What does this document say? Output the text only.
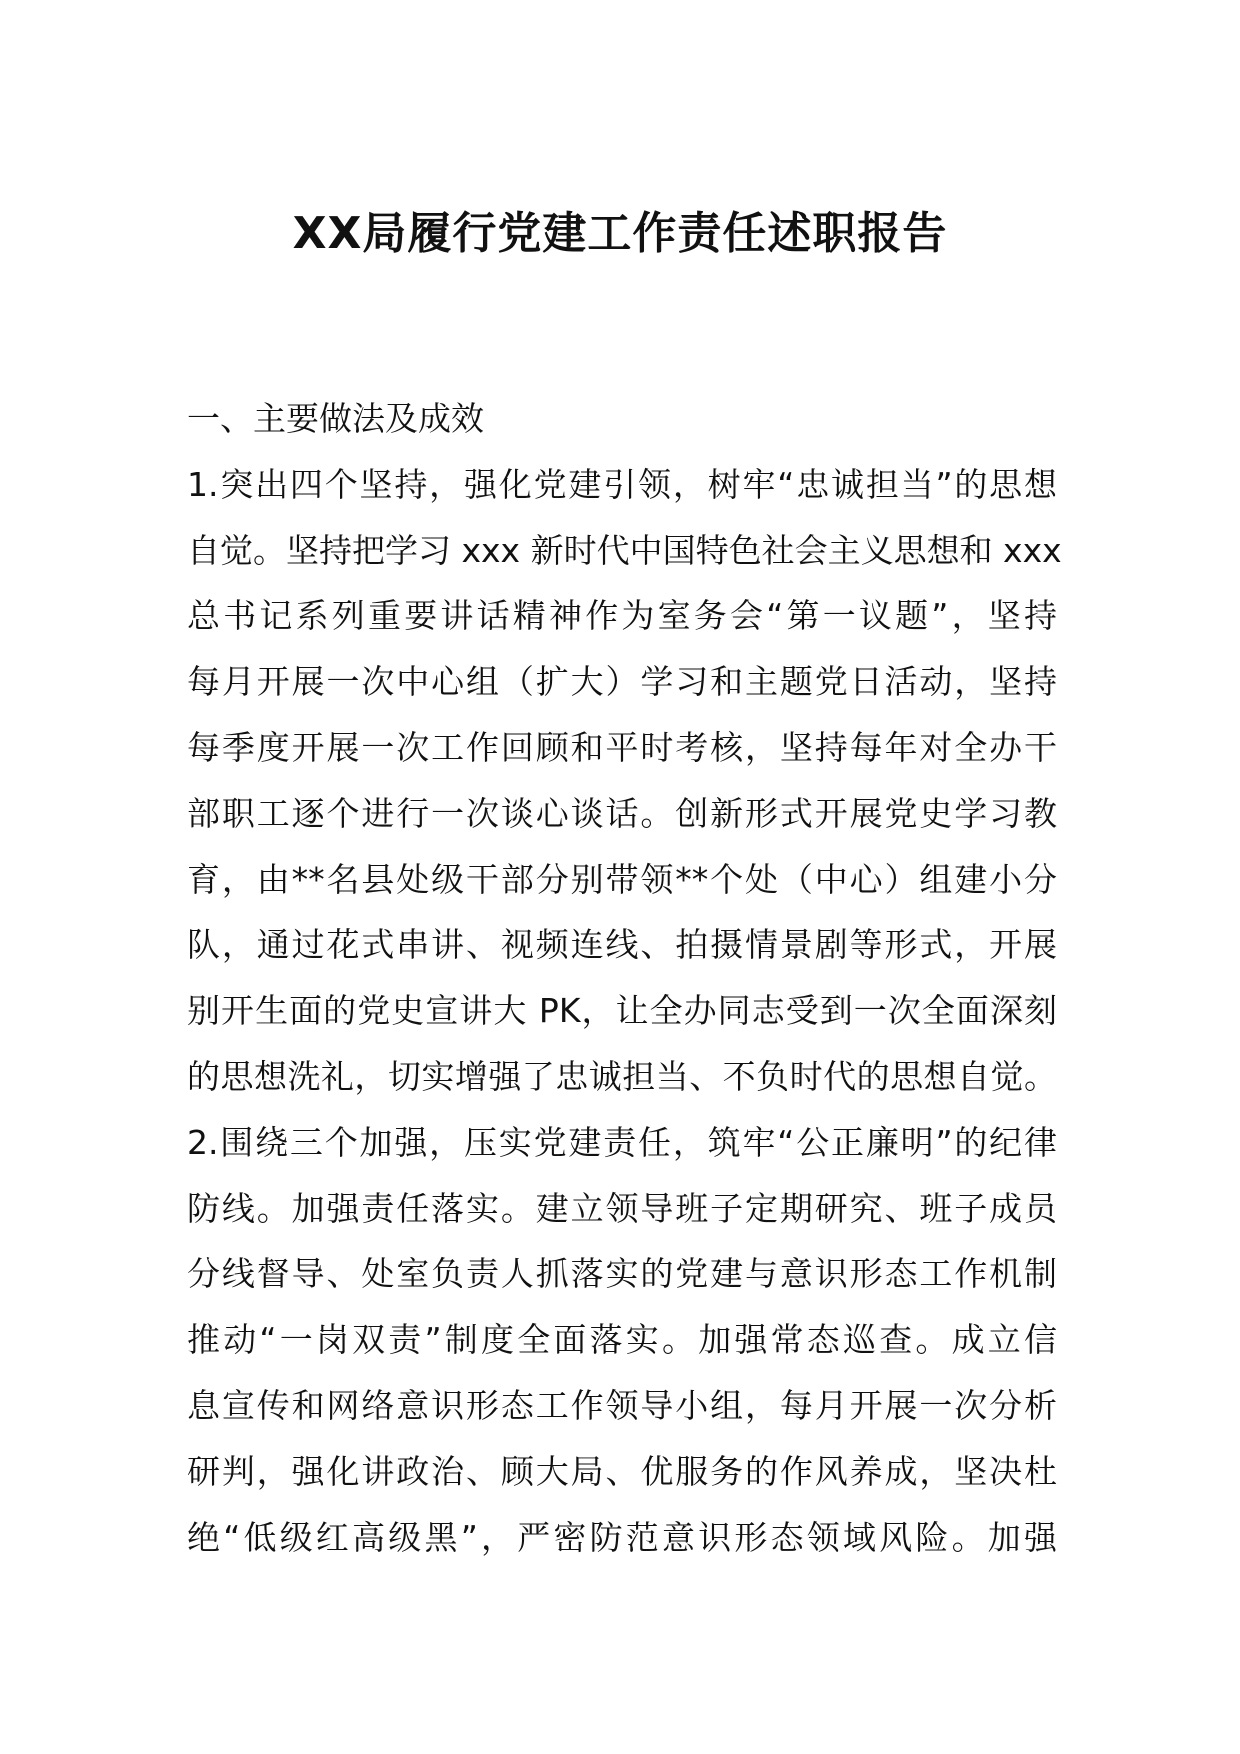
XX局履行党建工作责任述职报告
一、主要做法及成效
1.突出四个坚持，强化党建引领，树牢“忠诚担当”的思想
自觉。坚持把学习 xxx 新时代中国特色社会主义思想和 xxx
总书记系列重要讲话精神作为室务会“第一议题”，坚持
每月开展一次中心组（扩大）学习和主题党日活动，坚持
每季度开展一次工作回顾和平时考核，坚持每年对全办干
部职工逐个进行一次谈心谈话。创新形式开展党史学习教
育，由**名县处级干部分别带领**个处（中心）组建小分
队，通过花式串讲、视频连线、拍摄情景剧等形式，开展
别开生面的党史宣讲大 PK，让全办同志受到一次全面深刻
的思想洗礼，切实增强了忠诚担当、不负时代的思想自觉。
2.围绕三个加强，压实党建责任，筑牢“公正廉明”的纪律
防线。加强责任落实。建立领导班子定期研究、班子成员
分线督导、处室负责人抓落实的党建与意识形态工作机制
推动“一岗双责”制度全面落实。加强常态巡查。成立信
息宣传和网络意识形态工作领导小组，每月开展一次分析
研判，强化讲政治、顾大局、优服务的作风养成，坚决杜
绝“低级红高级黑”，严密防范意识形态领域风险。加强
